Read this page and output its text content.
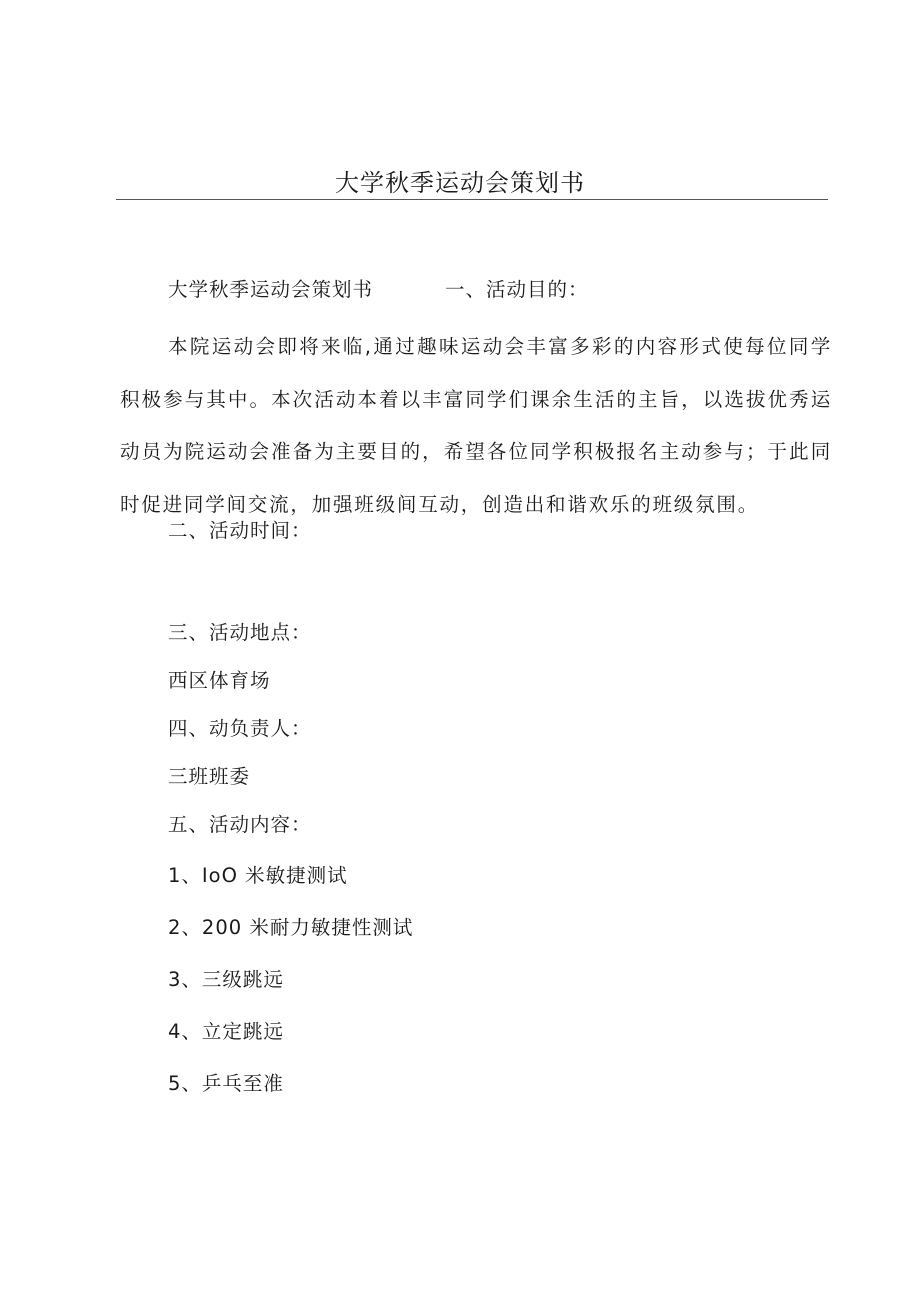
大学秋季运动会策划书

大学秋季运动会策划书	一、活动目的：

本院运动会即将来临,通过趣味运动会丰富多彩的内容形式使每位同学积极参与其中。本次活动本着以丰富同学们课余生活的主旨，以选拔优秀运动员为院运动会准备为主要目的，希望各位同学积极报名主动参与；于此同时促进同学间交流，加强班级间互动，创造出和谐欢乐的班级氛围。

二、活动时间：

三、活动地点：

西区体育场

四、动负责人：

三班班委

五、活动内容：

1、IoO 米敏捷测试

2、200 米耐力敏捷性测试

3、三级跳远

4、立定跳远

5、乒乓至准
